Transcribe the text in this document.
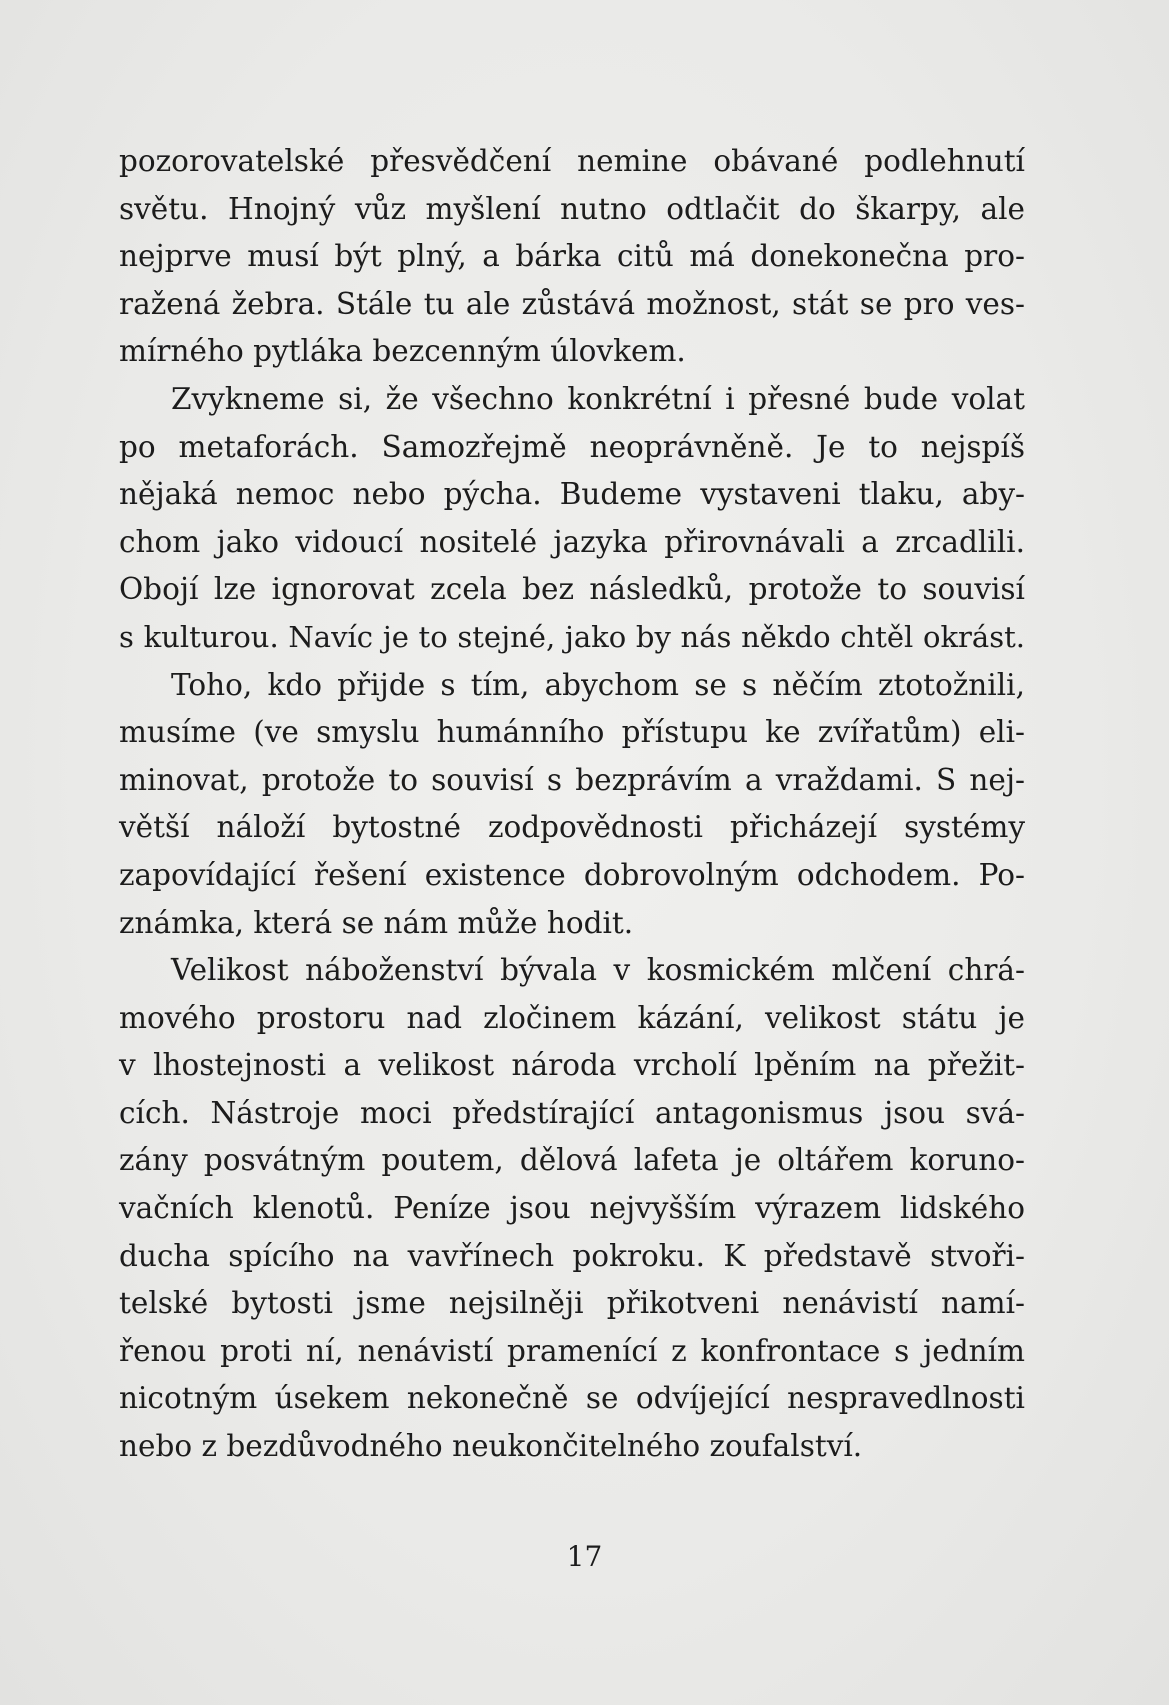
pozorovatelské přesvědčení nemine obávané podlehnutí
světu. Hnojný vůz myšlení nutno odtlačit do škarpy, ale
nejprve musí být plný, a bárka citů má donekonečna pro-
ražená žebra. Stále tu ale zůstává možnost, stát se pro ves-
mírného pytláka bezcenným úlovkem.
Zvykneme si, že všechno konkrétní i přesné bude volat
po metaforách. Samozřejmě neoprávněně. Je to nejspíš
nějaká nemoc nebo pýcha. Budeme vystaveni tlaku, aby-
chom jako vidoucí nositelé jazyka přirovnávali a zrcadlili.
Obojí lze ignorovat zcela bez následků, protože to souvisí
s kulturou. Navíc je to stejné, jako by nás někdo chtěl okrást.
Toho, kdo přijde s tím, abychom se s něčím ztotožnili,
musíme (ve smyslu humánního přístupu ke zvířatům) eli-
minovat, protože to souvisí s bezprávím a vraždami. S nej-
větší náloží bytostné zodpovědnosti přicházejí systémy
zapovídající řešení existence dobrovolným odchodem. Po-
známka, která se nám může hodit.
Velikost náboženství bývala v kosmickém mlčení chrá-
mového prostoru nad zločinem kázání, velikost státu je
v lhostejnosti a velikost národa vrcholí lpěním na přežit-
cích. Nástroje moci předstírající antagonismus jsou svá-
zány posvátným poutem, dělová lafeta je oltářem koruno-
vačních klenotů. Peníze jsou nejvyšším výrazem lidského
ducha spícího na vavřínech pokroku. K představě stvoři-
telské bytosti jsme nejsilněji přikotveni nenávistí namí-
řenou proti ní, nenávistí pramenící z konfrontace s jedním
nicotným úsekem nekonečně se odvíjející nespravedlnosti
nebo z bezdůvodného neukončitelného zoufalství.
17
